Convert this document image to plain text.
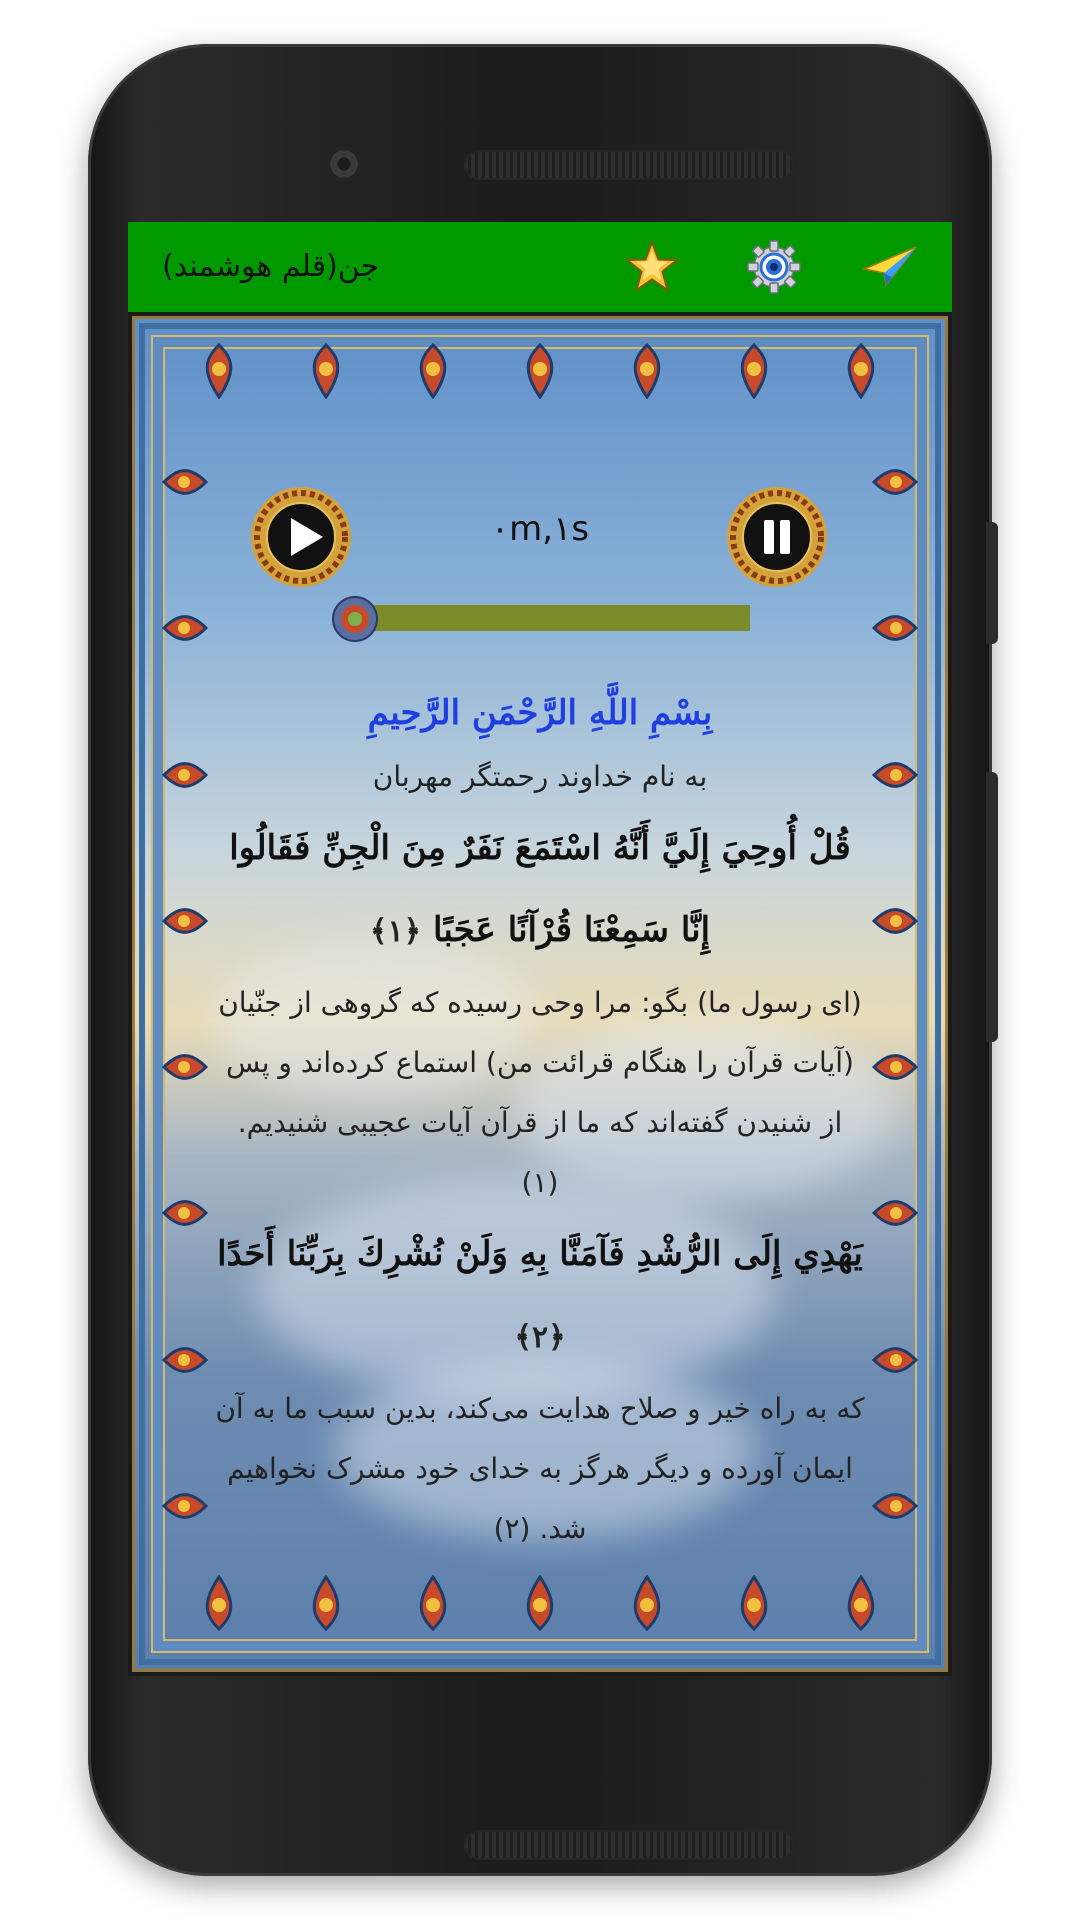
جن(قلم هوشمند)
۰m,۱s
بِسْمِ اللَّهِ الرَّحْمَنِ الرَّحِيمِ
به نام خداوند رحمتگر مهربان
قُلْ أُوحِيَ إِلَيَّ أَنَّهُ اسْتَمَعَ نَفَرٌ مِنَ الْجِنِّ فَقَالُوا إِنَّا سَمِعْنَا قُرْآنًا عَجَبًا ﴿۱﴾
(ای رسول ما) بگو: مرا وحی رسیده که گروهی از جنّیان (آیات قرآن را هنگام قرائت من) استماع کرده‌اند و پس از شنیدن گفته‌اند که ما از قرآن آیات عجیبی شنیدیم. (۱)
يَهْدِي إِلَى الرُّشْدِ فَآمَنَّا بِهِ وَلَنْ نُشْرِكَ بِرَبِّنَا أَحَدًا ﴿۲﴾
که به راه خیر و صلاح هدایت می‌کند، بدین سبب ما به آن ایمان آورده و دیگر هرگز به خدای خود مشرک نخواهیم شد. (۲)
